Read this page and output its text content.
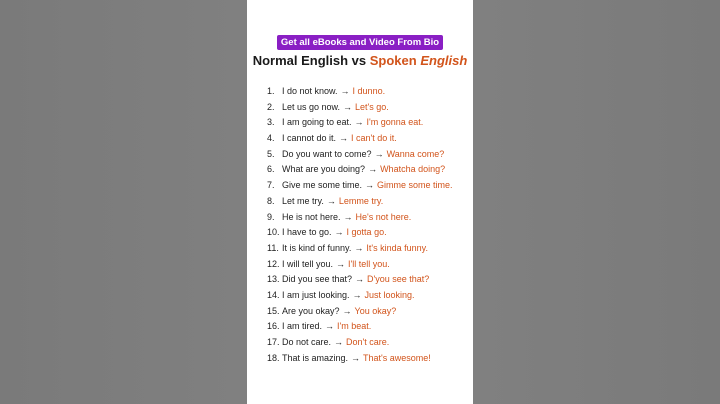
Get all eBooks and Video From Bio
Normal English vs Spoken English
1. I do not know. → I dunno.
2. Let us go now. → Let's go.
3. I am going to eat. → I'm gonna eat.
4. I cannot do it. → I can't do it.
5. Do you want to come? → Wanna come?
6. What are you doing? → Whatcha doing?
7. Give me some time. → Gimme some time.
8. Let me try. → Lemme try.
9. He is not here. → He's not here.
10. I have to go. → I gotta go.
11. It is kind of funny. → It's kinda funny.
12. I will tell you. → I'll tell you.
13. Did you see that? → D'you see that?
14. I am just looking. → Just looking.
15. Are you okay? → You okay?
16. I am tired. → I'm beat.
17. Do not care. → Don't care.
18. That is amazing. → That's awesome!
